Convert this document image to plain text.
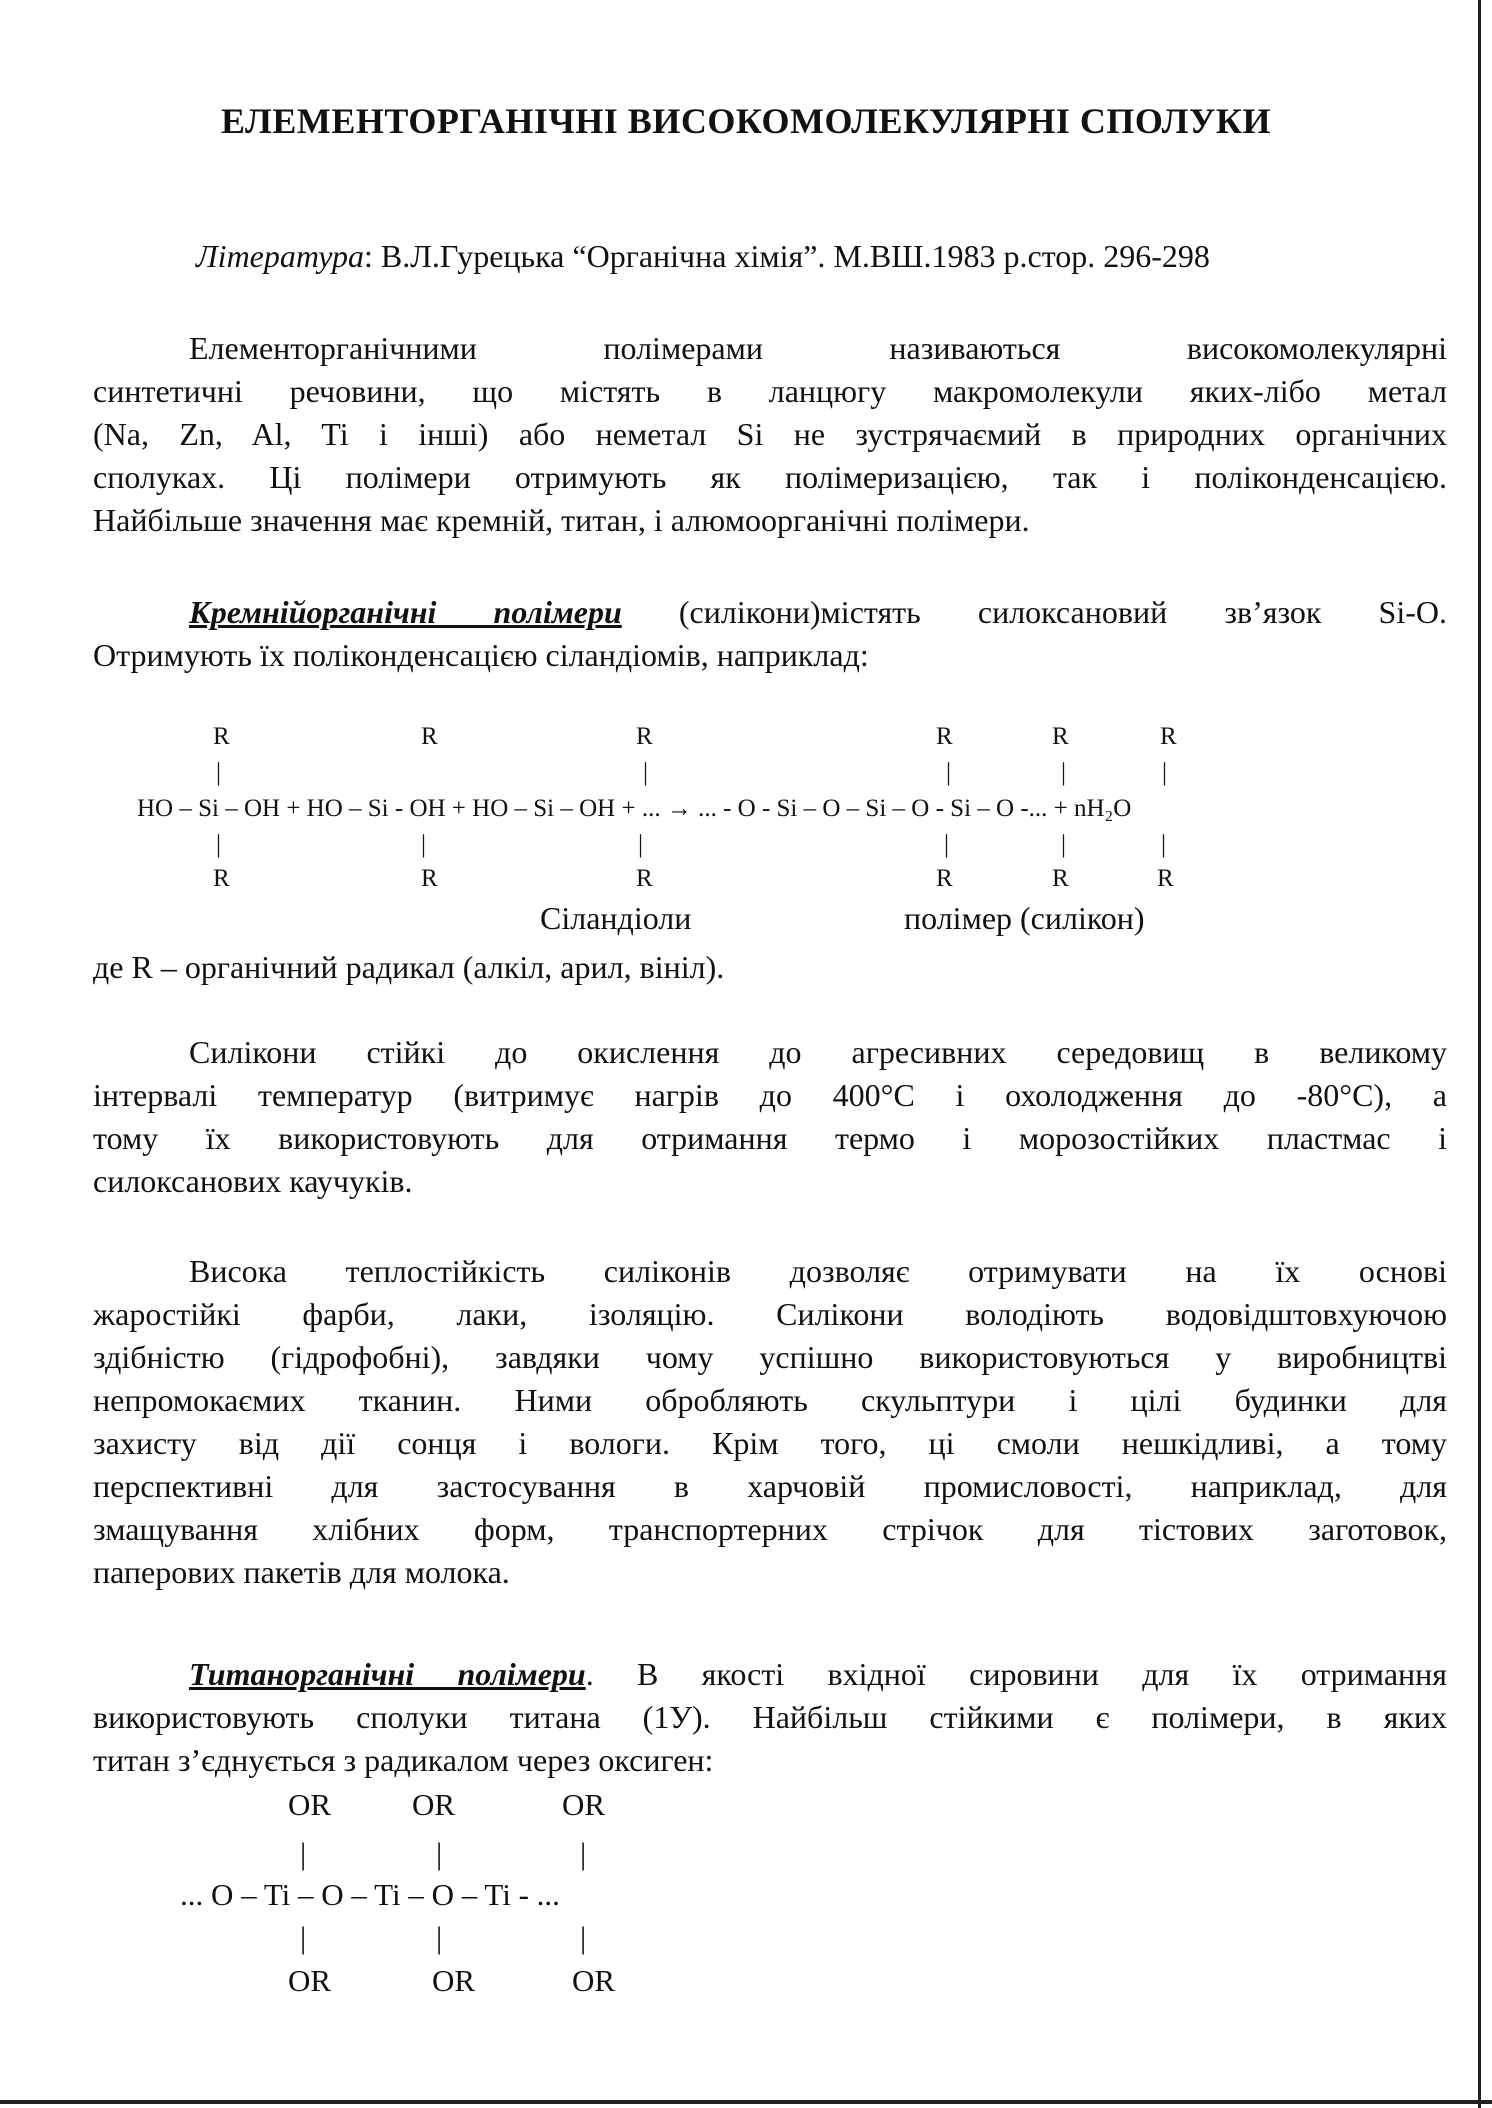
ЕЛЕМЕНТОРГАНІЧНІ ВИСОКОМОЛЕКУЛЯРНІ СПОЛУКИ
Література: В.Л.Гурецька “Органічна хімія”. М.ВШ.1983 р.стор. 296-298
Елементорганічними полімерами називаються високомолекулярні
синтетичні речовини, що містять в ланцюгу макромолекули яких-лібо метал
(Na, Zn, Al, Ti і інші) або неметал Si не зустрячаємий в природних органічних
сполуках. Ці полімери отримують як полімеризацією, так і поліконденсацією.
Найбільше значення має кремній, титан, і алюмоорганічні полімери.
Кремнійорганічні полімери (силікони)містять силоксановий зв’язок Si-O.
Отримують їх поліконденсацією сіландіомів, наприклад:
R	R	R	R	R	R
|	|	|	|	|
HO – Si – OH + HO – Si - OH + HO – Si – OH + ... → ... - O - Si – O – Si – O - Si – O -... + nH₂O
|	|	|	|	|	|
R	R	R	R	R	R
Сіландіоли	полімер (силікон)
де R – органічний радикал (алкіл, арил, вініл).
Силікони стійкі до окислення до агресивних середовищ в великому
інтервалі температур (витримує нагрів до 400°С і охолодження до -80°С), а
тому їх використовують для отримання термо і морозостійких пластмас і
силоксанових каучуків.
Висока теплостійкість силіконів дозволяє отримувати на їх основі
жаростійкі фарби, лаки, ізоляцію. Силікони володіють водовідштовхуючою
здібністю (гідрофобні), завдяки чому успішно використовуються у виробництві
непромокаємих тканин. Ними обробляють скульптури і цілі будинки для
захисту від дії сонця і вологи. Крім того, ці смоли нешкідливі, а тому
перспективні для застосування в харчовій промисловості, наприклад, для
змащування хлібних форм, транспортерних стрічок для тістових заготовок,
паперових пакетів для молока.
Титанорганічні полімери. В якості вхідної сировини для їх отримання
використовують сполуки титана (1У). Найбільш стійкими є полімери, в яких
титан з’єднується з радикалом через оксиген:
OR	OR	OR
|	|	|
... O – Ti – O – Ti – O – Ti - ...
|	|	|
OR	OR	OR
